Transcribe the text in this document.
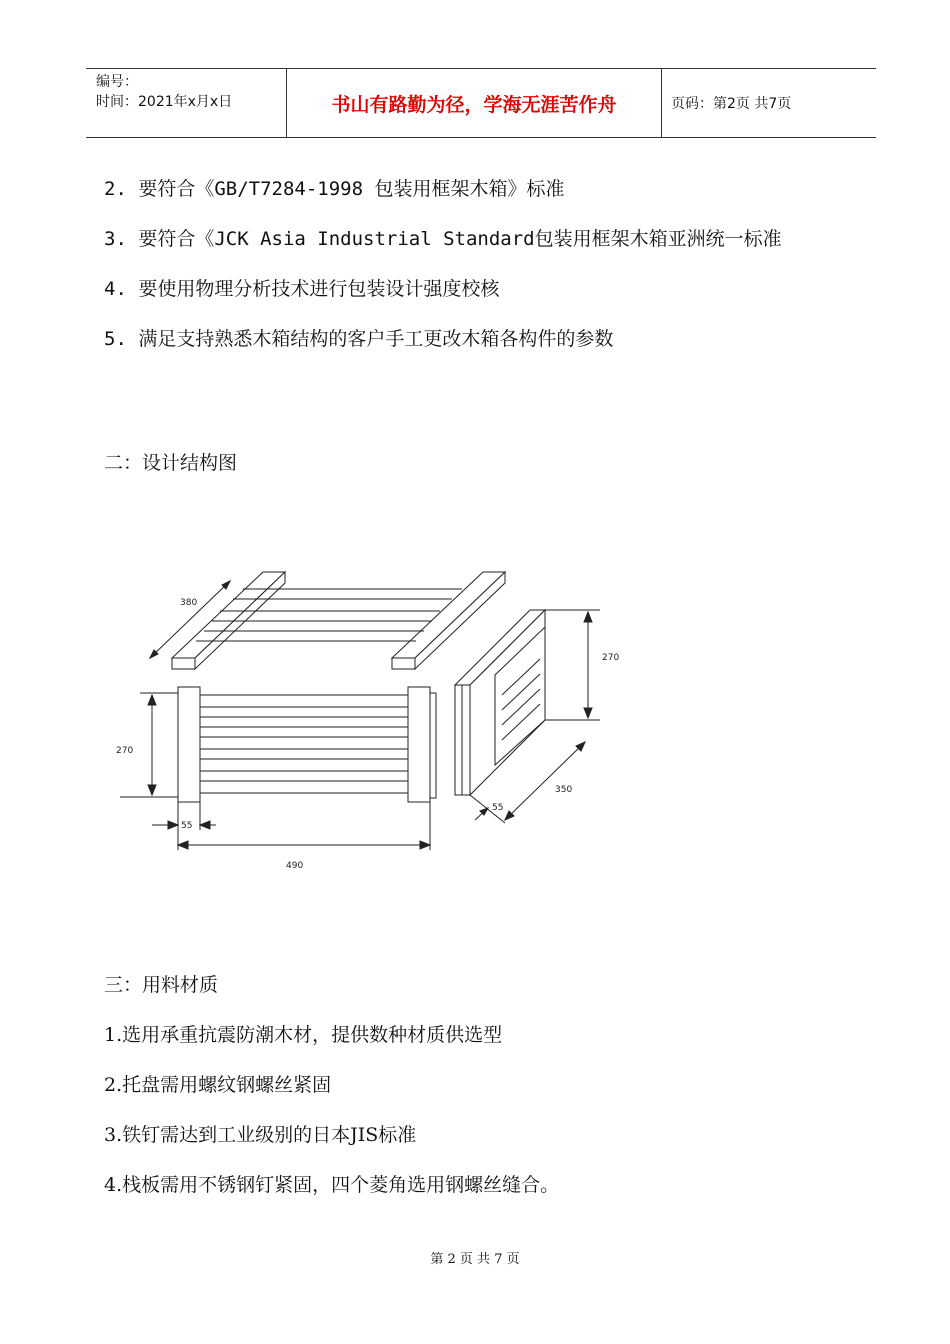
编号：
时间：2021年x月x日	书山有路勤为径，学海无涯苦作舟	页码：第2页 共7页
2. 要符合《GB/T7284-1998 包装用框架木箱》标准
3. 要符合《JCK Asia Industrial Standard包装用框架木箱亚洲统一标准
4. 要使用物理分析技术进行包装设计强度校核
5. 满足支持熟悉木箱结构的客户手工更改木箱各构件的参数
二：设计结构图
380
270
55
490
270
350
55
三：用料材质
1.选用承重抗震防潮木材，提供数种材质供选型
2.托盘需用螺纹钢螺丝紧固
3.铁钉需达到工业级别的日本JIS标准
4.栈板需用不锈钢钉紧固，四个菱角选用钢螺丝缝合。
第 2 页 共 7 页
